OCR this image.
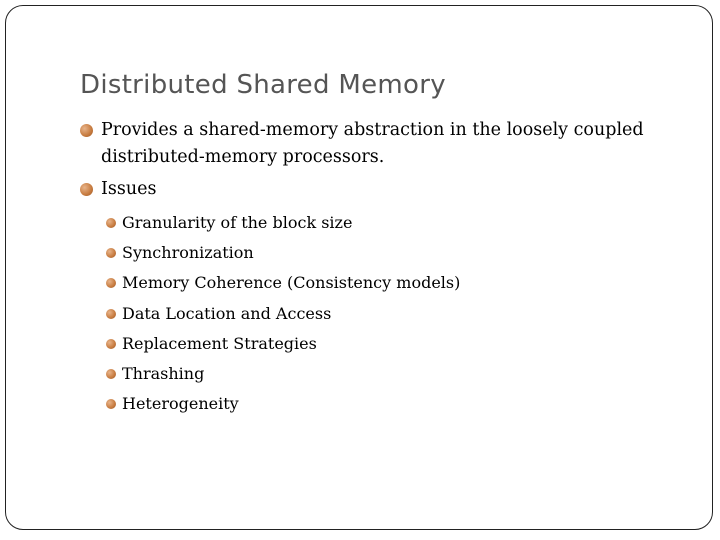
Distributed Shared Memory
Provides a shared-memory abstraction in the loosely coupled distributed-memory processors.
Issues
Granularity of the block size
Synchronization
Memory Coherence (Consistency models)
Data Location and Access
Replacement Strategies
Thrashing
Heterogeneity
